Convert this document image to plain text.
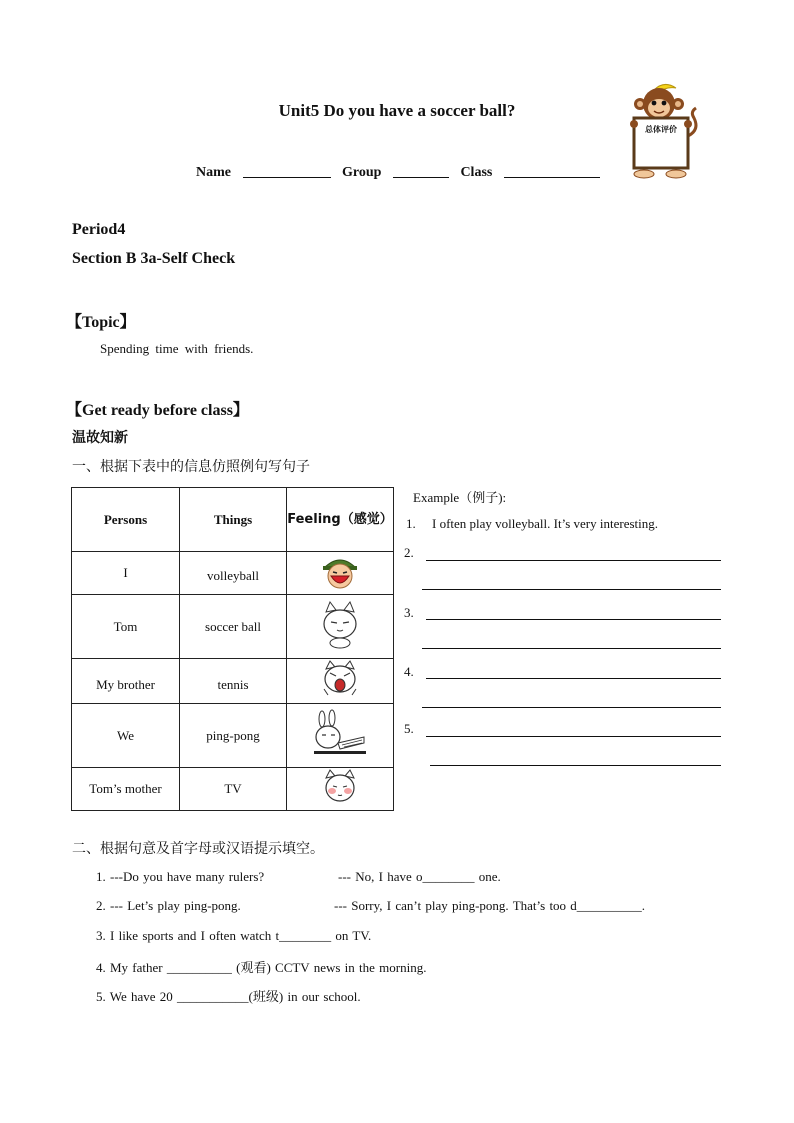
Unit5 Do you have a soccer ball?
Name	Group	Class
总体评价
Period4
Section B 3a-Self Check
【Topic】
Spending time with friends.
【Get ready before class】
温故知新
一、根据下表中的信息仿照例句写句子
Persons	Things	Feeling（感觉）
I	volleyball	
Tom	soccer ball	
My brother	tennis	
We	ping-pong	
Tom’s mother	TV	
Example（例子):
1. I often play volleyball. It’s very interesting.
2.
3.
4.
5.
二、根据句意及首字母或汉语提示填空。
1. ---Do you have many rulers?	--- No, I have o________ one.
2. --- Let’s play ping-pong.	--- Sorry, I can’t play ping-pong. That’s too d__________.
3. I like sports and I often watch t________ on TV.
4. My father __________ (观看) CCTV news in the morning.
5. We have 20 ___________(班级) in our school.
